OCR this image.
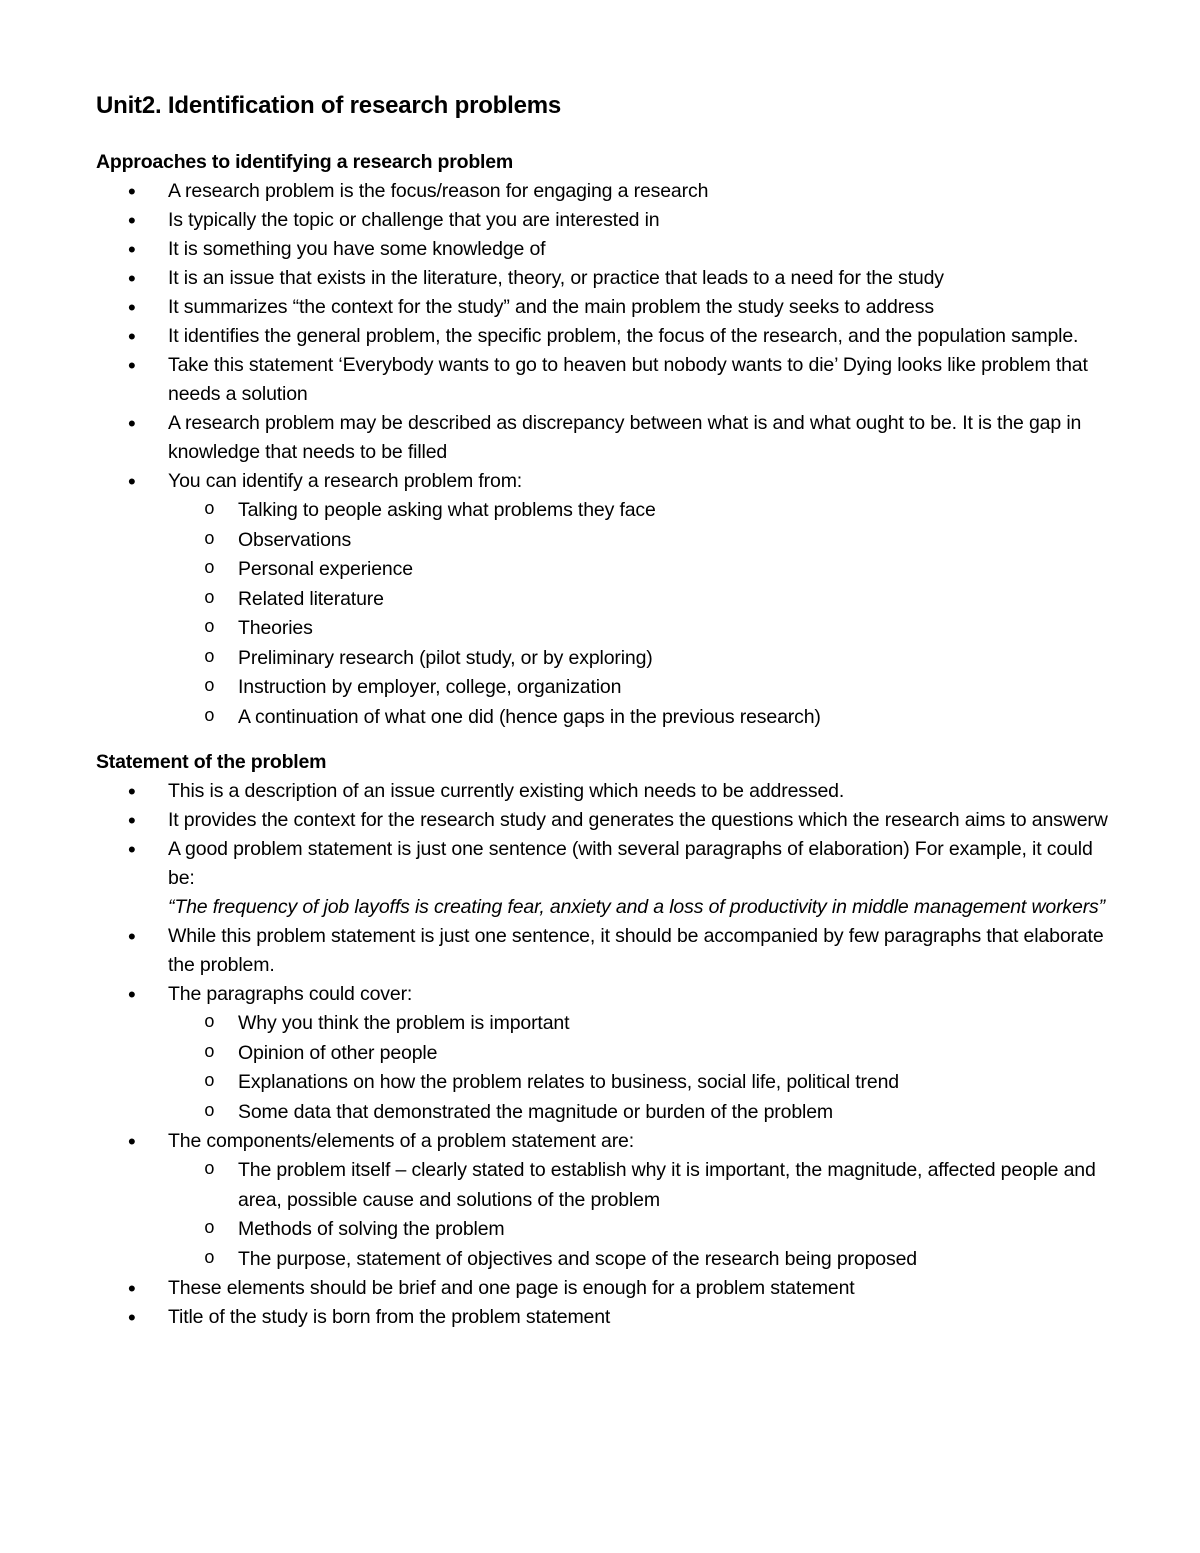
Unit2. Identification of research problems
Approaches to identifying a research problem
• A research problem is the focus/reason for engaging a research
• Is typically the topic or challenge that you are interested in
• It is something you have some knowledge of
• It is an issue that exists in the literature, theory, or practice that leads to a need for the study
• It summarizes “the context for the study” and the main problem the study seeks to address
• It identifies the general problem, the specific problem, the focus of the research, and the population sample.
• Take this statement ‘Everybody wants to go to heaven but nobody wants to die’ Dying looks like problem that needs a solution
• A research problem may be described as discrepancy between what is and what ought to be. It is the gap in knowledge that needs to be filled
• You can identify a research problem from:
o Talking to people asking what problems they face
o Observations
o Personal experience
o Related literature
o Theories
o Preliminary research (pilot study, or by exploring)
o Instruction by employer, college, organization
o A continuation of what one did (hence gaps in the previous research)
Statement of the problem
• This is a description of an issue currently existing which needs to be addressed.
• It provides the context for the research study and generates the questions which the research aims to answerw
• A good problem statement is just one sentence (with several paragraphs of elaboration) For example, it could be:
“The frequency of job layoffs is creating fear, anxiety and a loss of productivity in middle management workers”
• While this problem statement is just one sentence, it should be accompanied by few paragraphs that elaborate the problem.
• The paragraphs could cover:
o Why you think the problem is important
o Opinion of other people
o Explanations on how the problem relates to business, social life, political trend
o Some data that demonstrated the magnitude or burden of the problem
• The components/elements of a problem statement are:
o The problem itself – clearly stated to establish why it is important, the magnitude, affected people and area, possible cause and solutions of the problem
o Methods of solving the problem
o The purpose, statement of objectives and scope of the research being proposed
• These elements should be brief and one page is enough for a problem statement
• Title of the study is born from the problem statement
